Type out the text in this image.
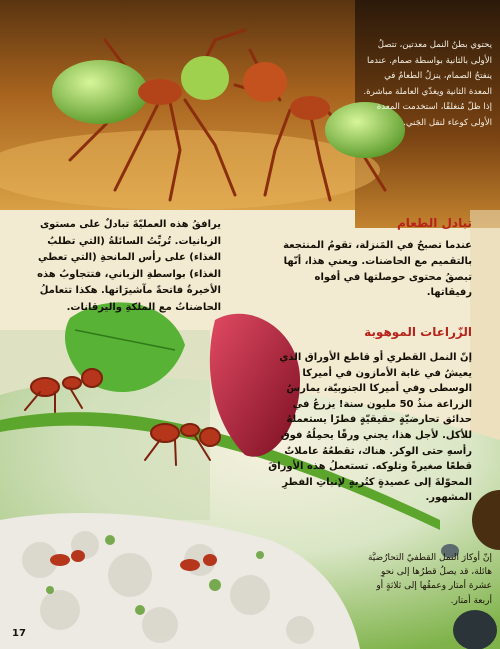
يحتوي بطنُ النمل معدتين، تتصلُ الأولى بالثانية بواسطة صمام. عندما ينفتحُ الصمام، ينزلُ الطعامُ في المعدة الثانية ويغذّي العاملة مباشرة. إذا ظلّ مُنغلقًا، استخدمت المعدة الأولى كوعاء لنقل الجَني.
يرافقُ هذه العمليّةَ تبادلٌ على مستوى الزبانيات. تُربِّتُ السائلةُ (التي تطلبُ الغذاء) على رأس المانحةِ (التي تعطي الغذاء) بواسطةِ الزباني، فتتجاوبُ هذه الأخيرةُ فاتحةً مآشيرَاتها. هكذا تتعاملُ الحاضناتُ مع الملكةِ واليرقانات.
تبادل الطعام
عندما تصبحُ في المَنزلة، تقومُ المنتجعة بالتقميم مع الحاضنات. ويعني هذا، أنّها تبصقُ محتوى حوصلتها في أفواه رفيقاتها.
الزّراعات الموهوبة
إنّ النمل القطري أو قاطع الأوراق الذي يعيشُ في غابة الأمازون في أميركا الوسطى وفي أميركا الجنوبيّة، يمارسُ الزراعة منذُ 50 مليون سنة! يزرعُ في حدائق تحارضيّةٍ حقيقيّةٍ فطرًا يستعملهُ للأكل. لأجل هذا، يجني ورقًا يحمِلُهُ فوق رأسهِ حتى الوكر. هناك، تقطعُهُ عاملاتٌ قطعًا صغيرةً وتلوكه. تستعملُ هذه الأوراقَ المحوّلةَ إلى عصيدةٍ كتُربةٍ لإنباتِ الفطرِ المشهور.
إنّ أوكارَ النمل القطفيّ التحارُضيَّة هائلة، قد يصلُ قطرُها إلى نحوِ عشرة أمتار وعمقُها إلى ثلاثةٍ أو أربعة أمتار.
17
